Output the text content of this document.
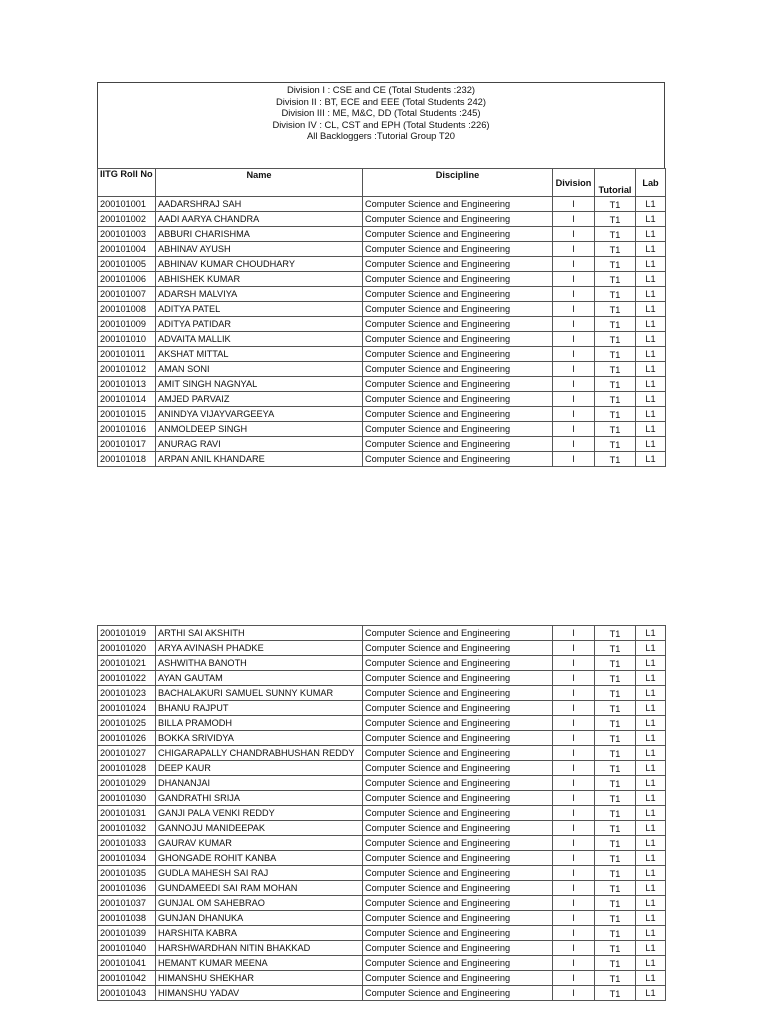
Division I : CSE and CE (Total Students :232)
Division II : BT, ECE and EEE (Total Students 242)
Division III : ME, M&C, DD (Total Students :245)
Division IV : CL, CST and EPH (Total Students :226)
All Backloggers :Tutorial Group T20
IITG Roll No	Name	Discipline	Division	Tutorial	Lab
200101001	AADARSHRAJ SAH	Computer Science and Engineering	I	T1	L1
200101002	AADI AARYA CHANDRA	Computer Science and Engineering	I	T1	L1
200101003	ABBURI CHARISHMA	Computer Science and Engineering	I	T1	L1
200101004	ABHINAV AYUSH	Computer Science and Engineering	I	T1	L1
200101005	ABHINAV KUMAR CHOUDHARY	Computer Science and Engineering	I	T1	L1
200101006	ABHISHEK KUMAR	Computer Science and Engineering	I	T1	L1
200101007	ADARSH MALVIYA	Computer Science and Engineering	I	T1	L1
200101008	ADITYA PATEL	Computer Science and Engineering	I	T1	L1
200101009	ADITYA PATIDAR	Computer Science and Engineering	I	T1	L1
200101010	ADVAITA MALLIK	Computer Science and Engineering	I	T1	L1
200101011	AKSHAT MITTAL	Computer Science and Engineering	I	T1	L1
200101012	AMAN SONI	Computer Science and Engineering	I	T1	L1
200101013	AMIT SINGH NAGNYAL	Computer Science and Engineering	I	T1	L1
200101014	AMJED PARVAIZ	Computer Science and Engineering	I	T1	L1
200101015	ANINDYA VIJAYVARGEEYA	Computer Science and Engineering	I	T1	L1
200101016	ANMOLDEEP SINGH	Computer Science and Engineering	I	T1	L1
200101017	ANURAG RAVI	Computer Science and Engineering	I	T1	L1
200101018	ARPAN ANIL KHANDARE	Computer Science and Engineering	I	T1	L1
200101019	ARTHI SAI AKSHITH	Computer Science and Engineering	I	T1	L1
200101020	ARYA AVINASH PHADKE	Computer Science and Engineering	I	T1	L1
200101021	ASHWITHA BANOTH	Computer Science and Engineering	I	T1	L1
200101022	AYAN GAUTAM	Computer Science and Engineering	I	T1	L1
200101023	BACHALAKURI SAMUEL SUNNY KUMAR	Computer Science and Engineering	I	T1	L1
200101024	BHANU RAJPUT	Computer Science and Engineering	I	T1	L1
200101025	BILLA PRAMODH	Computer Science and Engineering	I	T1	L1
200101026	BOKKA SRIVIDYA	Computer Science and Engineering	I	T1	L1
200101027	CHIGARAPALLY CHANDRABHUSHAN REDDY	Computer Science and Engineering	I	T1	L1
200101028	DEEP KAUR	Computer Science and Engineering	I	T1	L1
200101029	DHANANJAI	Computer Science and Engineering	I	T1	L1
200101030	GANDRATHI SRIJA	Computer Science and Engineering	I	T1	L1
200101031	GANJI PALA VENKI REDDY	Computer Science and Engineering	I	T1	L1
200101032	GANNOJU MANIDEEPAK	Computer Science and Engineering	I	T1	L1
200101033	GAURAV KUMAR	Computer Science and Engineering	I	T1	L1
200101034	GHONGADE ROHIT KANBA	Computer Science and Engineering	I	T1	L1
200101035	GUDLA MAHESH SAI RAJ	Computer Science and Engineering	I	T1	L1
200101036	GUNDAMEEDI SAI RAM MOHAN	Computer Science and Engineering	I	T1	L1
200101037	GUNJAL OM SAHEBRAO	Computer Science and Engineering	I	T1	L1
200101038	GUNJAN DHANUKA	Computer Science and Engineering	I	T1	L1
200101039	HARSHITA KABRA	Computer Science and Engineering	I	T1	L1
200101040	HARSHWARDHAN NITIN BHAKKAD	Computer Science and Engineering	I	T1	L1
200101041	HEMANT KUMAR MEENA	Computer Science and Engineering	I	T1	L1
200101042	HIMANSHU SHEKHAR	Computer Science and Engineering	I	T1	L1
200101043	HIMANSHU YADAV	Computer Science and Engineering	I	T1	L1
